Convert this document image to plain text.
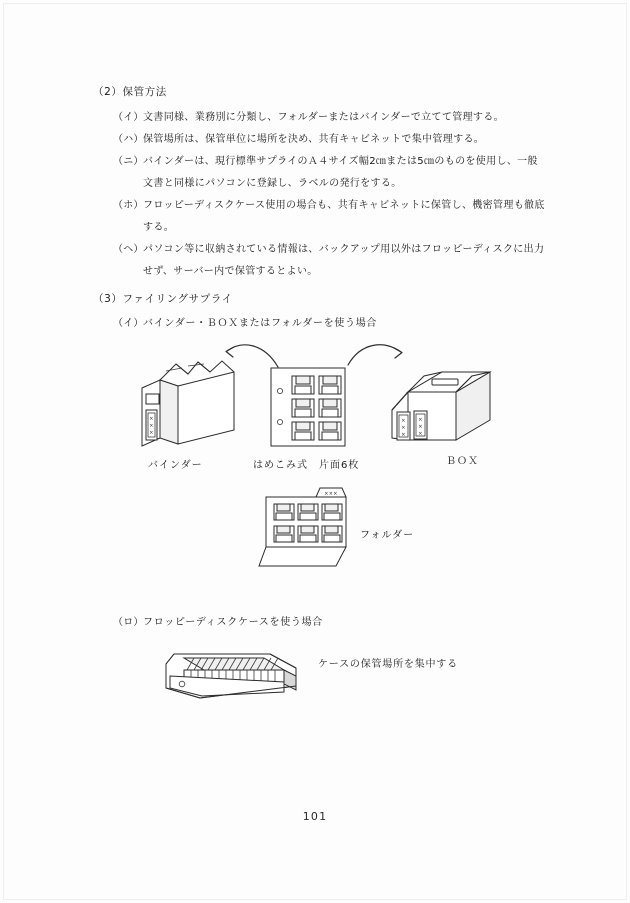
（2）保管方法
（イ）文書同様、業務別に分類し、フォルダーまたはバインダーで立てて管理する。
（ハ）保管場所は、保管単位に場所を決め、共有キャビネットで集中管理する。
（ニ）バインダーは、現行標準サプライのＡ４サイズ幅2㎝または5㎝のものを使用し、一般
文書と同様にパソコンに登録し、ラベルの発行をする。
（ホ）フロッピーディスクケース使用の場合も、共有キャビネットに保管し、機密管理も徹底
する。
（ヘ）パソコン等に収納されている情報は、バックアップ用以外はフロッピーディスクに出力
せず、サーバー内で保管するとよい。
（3）ファイリングサプライ
（イ）バインダー・ＢＯＸまたはフォルダーを使う場合
×
×
×
バインダー	はめこみ式　片面6枚
×
×
×
×
×
×
ＢＯＸ
×××
フォルダー
（ロ）フロッピーディスクケースを使う場合
ケースの保管場所を集中する
101
